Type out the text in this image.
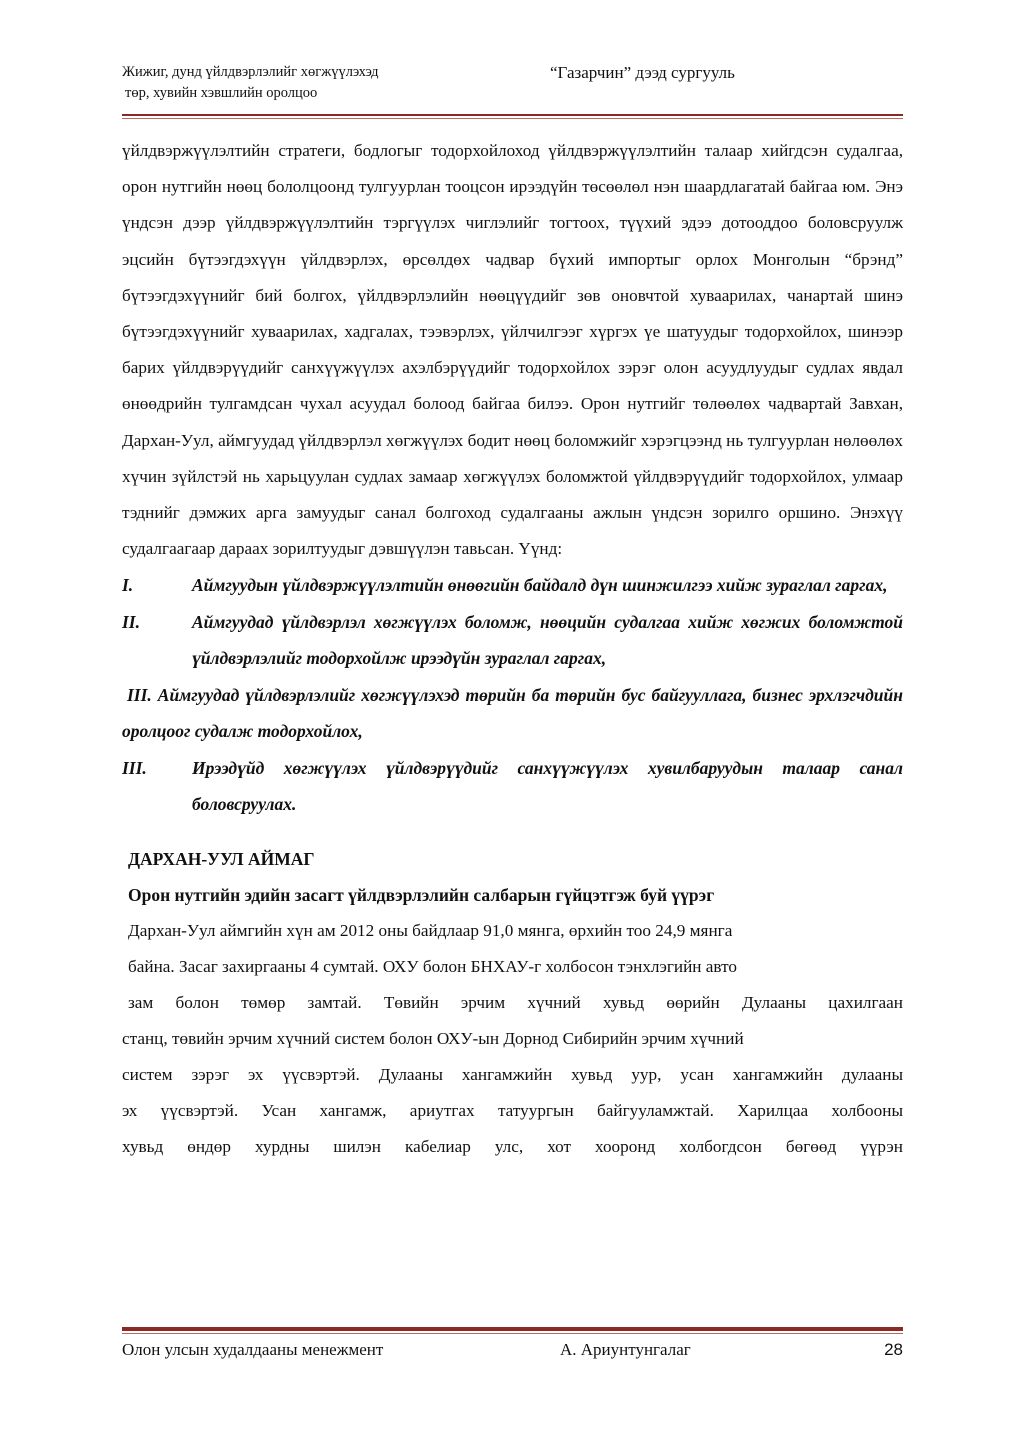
Жижиг, дунд үйлдвэрлэлийг хөгжүүлэхэд
төр, хувийн хэвшлийн оролцоо
“Газарчин” дээд сургууль

үйлдвэржүүлэлтийн стратеги, бодлогыг тодорхойлоход үйлдвэржүүлэлтийн талаар хийгдсэн судалгаа, орон нутгийн нөөц бололцоонд тулгуурлан тооцсон ирээдүйн төсөөлөл нэн шаардлагатай байгаа юм. Энэ үндсэн дээр үйлдвэржүүлэлтийн тэргүүлэх чиглэлийг тогтоох, түүхий эдээ дотооддоо боловсруулж эцсийн бүтээгдэхүүн үйлдвэрлэх, өрсөлдөх чадвар бүхий импортыг орлох Монголын “брэнд” бүтээгдэхүүнийг бий болгох, үйлдвэрлэлийн нөөцүүдийг зөв оновчтой хуваарилах, чанартай шинэ бүтээгдэхүүнийг хуваарилах, хадгалах, тээвэрлэх, үйлчилгээг хүргэх үе шатуудыг тодорхойлох, шинээр барих үйлдвэрүүдийг санхүүжүүлэх ахэлбэрүүдийг тодорхойлох зэрэг олон асуудлуудыг судлах явдал өнөөдрийн тулгамдсан чухал асуудал болоод байгаа билээ. Орон нутгийг төлөөлөх чадвартай Завхан, Дархан-Уул, аймгуудад үйлдвэрлэл хөгжүүлэх бодит нөөц боломжийг хэрэгцээнд нь тулгуурлан нөлөөлөх хүчин зүйлстэй нь харьцуулан судлах замаар хөгжүүлэх боломжтой үйлдвэрүүдийг тодорхойлох, улмаар тэднийг дэмжих арга замуудыг санал болгоход судалгааны ажлын үндсэн зорилго оршино. Энэхүү судалгаагаар дараах зорилтуудыг дэвшүүлэн тавьсан. Үүнд:

I.	Аймгуудын үйлдвэржүүлэлтийн өнөөгийн байдалд дүн шинжилгээ хийж зураглал гаргах,
II.	Аймгуудад үйлдвэрлэл хөгжүүлэх боломж, нөөцийн судалгаа хийж хөгжих боломжтой үйлдвэрлэлийг тодорхойлж ирээдүйн зураглал гаргах,
III. Аймгуудад үйлдвэрлэлийг хөгжүүлэхэд төрийн ба төрийн бус байгууллага, бизнес эрхлэгчдийн оролцоог судалж тодорхойлох,
III.	Ирээдүйд хөгжүүлэх үйлдвэрүүдийг санхүүжүүлэх хувилбаруудын талаар санал боловсруулах.

ДАРХАН-УУЛ АЙМАГ

Орон нутгийн эдийн засагт үйлдвэрлэлийн салбарын гүйцэтгэж буй үүрэг

Дархан-Уул аймгийн хүн ам 2012 оны байдлаар 91,0 мянга, өрхийн тоо 24,9 мянга
байна. Засаг захиргааны 4 сумтай. ОХУ болон БНХАУ-г холбосон тэнхлэгийн авто
зам болон төмөр замтай. Төвийн эрчим хүчний хувьд өөрийн Дулааны цахилгаан
станц, төвийн эрчим хүчний систем болон ОХУ-ын Дорнод Сибирийн эрчим хүчний
систем зэрэг эх үүсвэртэй. Дулааны хангамжийн хувьд уур, усан хангамжийн дулааны
эх үүсвэртэй. Усан хангамж, ариутгах татуургын байгууламжтай. Харилцаа холбооны
хувьд өндөр хурдны шилэн кабелиар улс, хот хооронд холбогдсон бөгөөд үүрэн
Олон улсын худалдааны менежмент	А. Ариунтунгалаг	28
